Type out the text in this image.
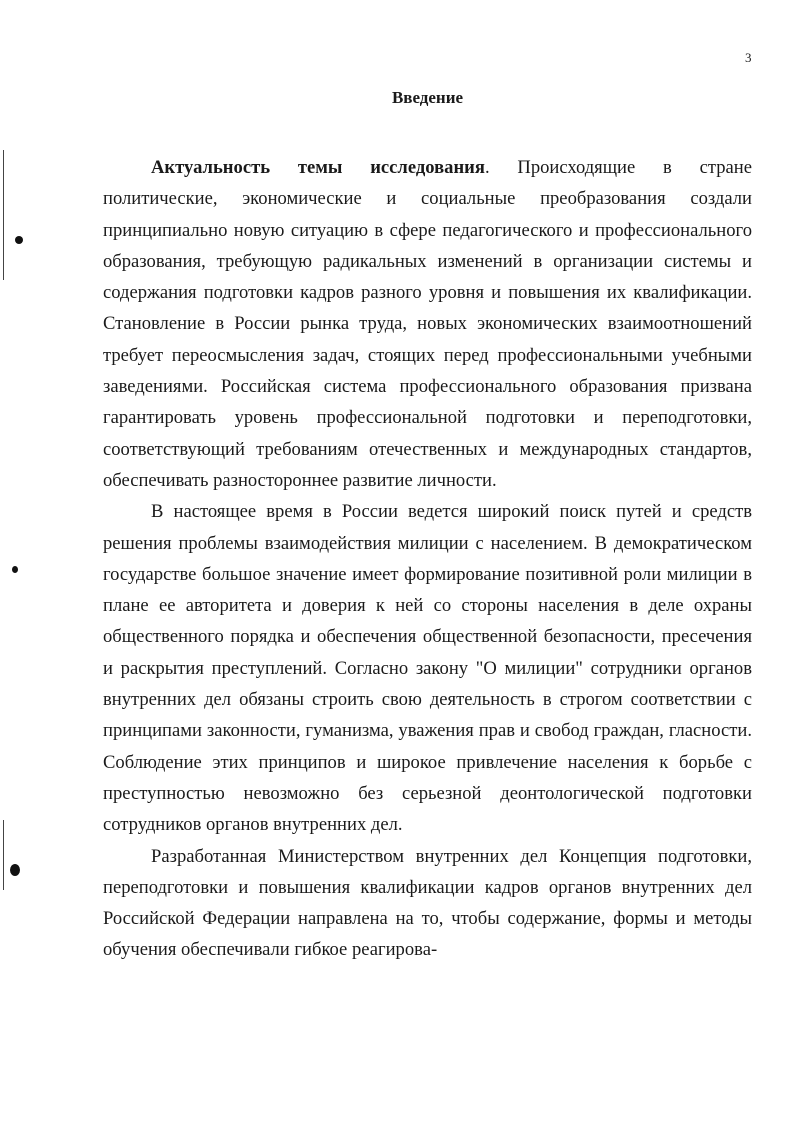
3
Введение

Актуальность темы исследования. Происходящие в стране политические, экономические и социальные преобразования создали принципиально новую ситуацию в сфере педагогического и профессионального образования, требующую радикальных изменений в организации системы и содержания подготовки кадров разного уровня и повышения их квалификации. Становление в России рынка труда, новых экономических взаимоотношений требует переосмысления задач, стоящих перед профессиональными учебными заведениями. Российская система профессионального образования призвана гарантировать уровень профессиональной подготовки и переподготовки, соответствующий требованиям отечественных и международных стандартов, обеспечивать разностороннее развитие личности.

В настоящее время в России ведется широкий поиск путей и средств решения проблемы взаимодействия милиции с населением. В демократическом государстве большое значение имеет формирование позитивной роли милиции в плане ее авторитета и доверия к ней со стороны населения в деле охраны общественного порядка и обеспечения общественной безопасности, пресечения и раскрытия преступлений. Согласно закону "О милиции" сотрудники органов внутренних дел обязаны строить свою деятельность в строгом соответствии с принципами законности, гуманизма, уважения прав и свобод граждан, гласности. Соблюдение этих принципов и широкое привлечение населения к борьбе с преступностью невозможно без серьезной деонтологической подготовки сотрудников органов внутренних дел.

Разработанная Министерством внутренних дел Концепция подготовки, переподготовки и повышения квалификации кадров органов внутренних дел Российской Федерации направлена на то, чтобы содержание, формы и методы обучения обеспечивали гибкое реагирова-
